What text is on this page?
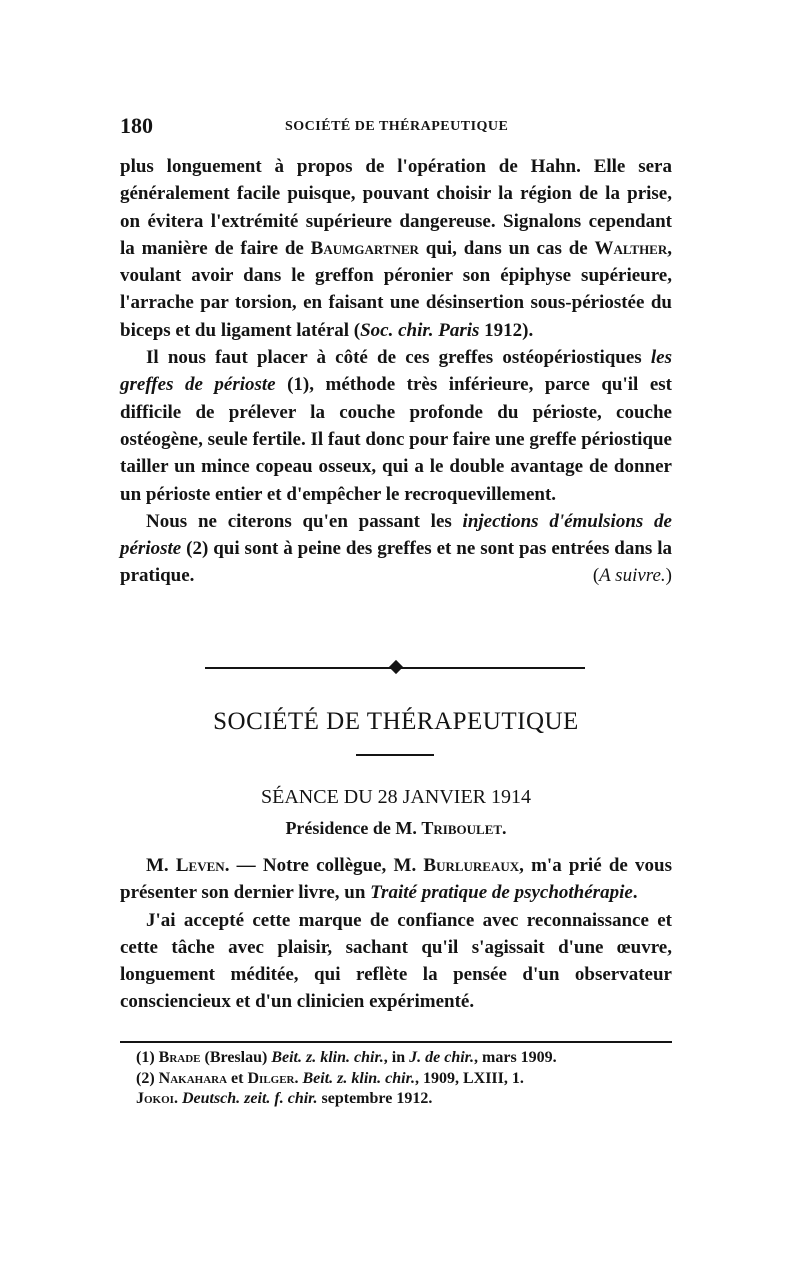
180	SOCIÉTÉ DE THÉRAPEUTIQUE

plus longuement à propos de l'opération de Hahn. Elle sera généralement facile puisque, pouvant choisir la région de la prise, on évitera l'extrémité supérieure dangereuse. Signalons cependant la manière de faire de Baumgartner qui, dans un cas de Walther, voulant avoir dans le greffon péronier son épiphyse supérieure, l'arrache par torsion, en faisant une désinsertion sous-périostée du biceps et du ligament latéral (Soc. chir. Paris 1912).

Il nous faut placer à côté de ces greffes ostéopériostiques les greffes de périoste (1), méthode très inférieure, parce qu'il est difficile de prélever la couche profonde du périoste, couche ostéogène, seule fertile. Il faut donc pour faire une greffe périostique tailler un mince copeau osseux, qui a le double avantage de donner un périoste entier et d'empêcher le recroquevillement.

Nous ne citerons qu'en passant les injections d'émulsions de périoste (2) qui sont à peine des greffes et ne sont pas entrées dans la pratique.	(A suivre.)

SOCIÉTÉ DE THÉRAPEUTIQUE
SÉANCE DU 28 JANVIER 1914
Présidence de M. Triboulet.

M. Leven. — Notre collègue, M. Burlureaux, m'a prié de vous présenter son dernier livre, un Traité pratique de psychothérapie.

J'ai accepté cette marque de confiance avec reconnaissance et cette tâche avec plaisir, sachant qu'il s'agissait d'une œuvre, longuement méditée, qui reflète la pensée d'un observateur consciencieux et d'un clinicien expérimenté.

(1) Brade (Breslau) Beit. z. klin. chir., in J. de chir., mars 1909.

(2) Nakahara et Dilger. Beit. z. klin. chir., 1909, LXIII, 1.

Jokoi. Deutsch. zeit. f. chir. septembre 1912.
